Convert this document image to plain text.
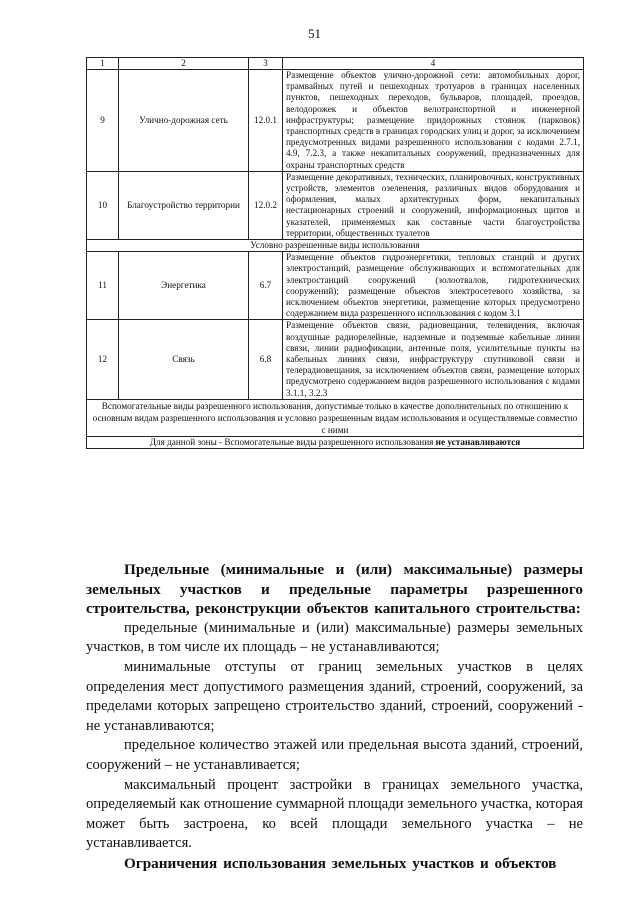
51
1	2	3	4
9	Улично-дорожная сеть	12.0.1	Размещение объектов улично-дорожной сети: автомобильных дорог, трамвайных путей и пешеходных тротуаров в границах населенных пунктов, пешеходных переходов, бульваров, площадей, проездов, велодорожек и объектов велотранспортной и инженерной инфраструктуры; размещение придорожных стоянок (парковок) транспортных средств в границах городских улиц и дорог, за исключением предусмотренных видами разрешенного использования с кодами 2.7.1, 4.9, 7.2.3, а также некапитальных сооружений, предназначенных для охраны транспортных средств
10	Благоустройство территории	12.0.2	Размещение декоративных, технических, планировочных, конструктивных устройств, элементов озеленения, различных видов оборудования и оформления, малых архитектурных форм, некапитальных нестационарных строений и сооружений, информационных щитов и указателей, применяемых как составные части благоустройства территории, общественных туалетов
Условно разрешенные виды использования			
11	Энергетика	6.7	Размещение объектов гидроэнергетики, тепловых станций и других электростанций, размещение обслуживающих и вспомогательных для электростанций сооружений (золоотвалов, гидротехнических сооружений); размещение объектов электросетевого хозяйства, за исключением объектов энергетики, размещение которых предусмотрено содержанием вида разрешенного использования с кодом 3.1
12	Связь	6.8	Размещение объектов связи, радиовещания, телевидения, включая воздушные радиорелейные, надземные и подземные кабельные линии связи, линии радиофикации, антенные поля, усилительные пункты на кабельных линиях связи, инфраструктуру спутниковой связи и телерадиовещания, за исключением объектов связи, размещение которых предусмотрено содержанием видов разрешенного использования с кодами 3.1.1, 3.2.3
Вспомогательные виды разрешенного использования, допустимые только в качестве дополнительных по отношению к основным видам разрешенного использования и условно разрешенным видам использования и осуществляемые совместно с ними			
Для данной зоны - Вспомогательные виды разрешенного использования не устанавливаются			

Предельные (минимальные и (или) максимальные) размеры земельных участков и предельные параметры разрешенного строительства, реконструкции объектов капитального строительства:

предельные (минимальные и (или) максимальные) размеры земельных участков, в том числе их площадь – не устанавливаются;

минимальные отступы от границ земельных участков в целях определения мест допустимого размещения зданий, строений, сооружений, за пределами которых запрещено строительство зданий, строений, сооружений - не устанавливаются;

предельное количество этажей или предельная высота зданий, строений, сооружений – не устанавливается;

максимальный процент застройки в границах земельного участка, определяемый как отношение суммарной площади земельного участка, которая может быть застроена, ко всей площади земельного участка – не устанавливается.

Ограничения использования земельных участков и объектов
